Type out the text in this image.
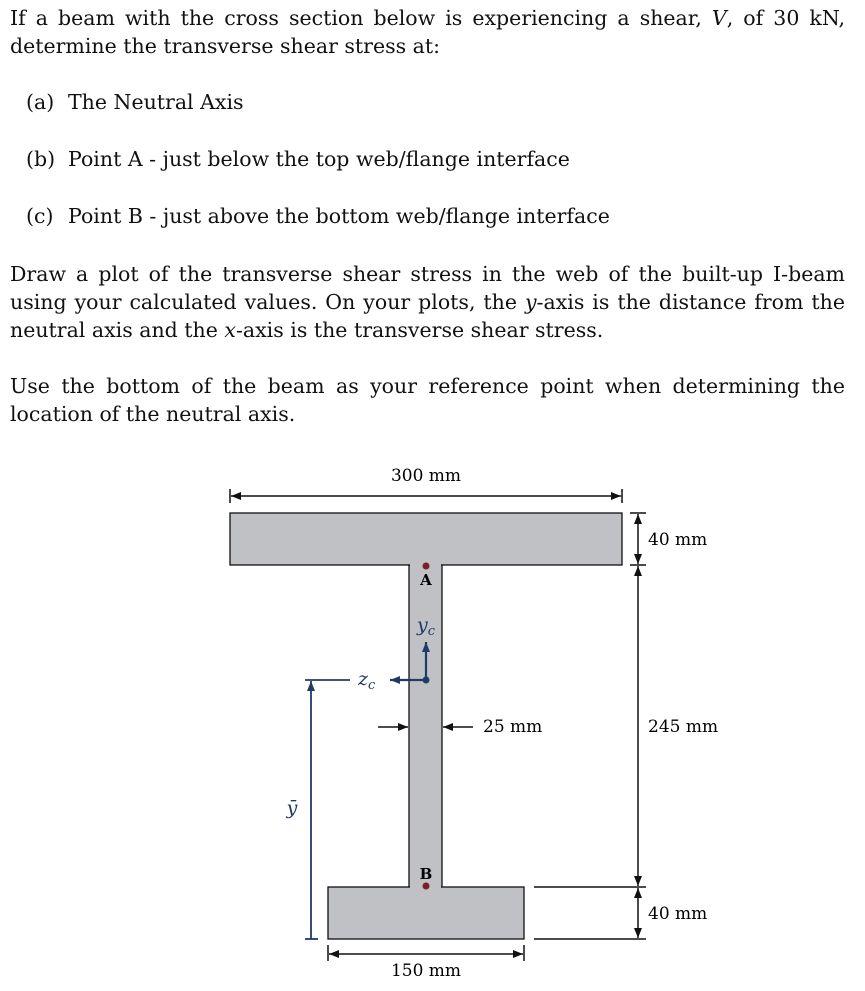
If a beam with the cross section below is experiencing a shear, V, of 30 kN, determine the transverse shear stress at:
(a) The Neutral Axis
(b) Point A - just below the top web/flange interface
(c) Point B - just above the bottom web/flange interface
Draw a plot of the transverse shear stress in the web of the built-up I-beam using your calculated values. On your plots, the y-axis is the distance from the neutral axis and the x-axis is the transverse shear stress.
Use the bottom of the beam as your reference point when determining the location of the neutral axis.
300 mm
40 mm
245 mm
40 mm
25 mm
150 mm
$y_c$
$z_c$
ȳ
A
B
